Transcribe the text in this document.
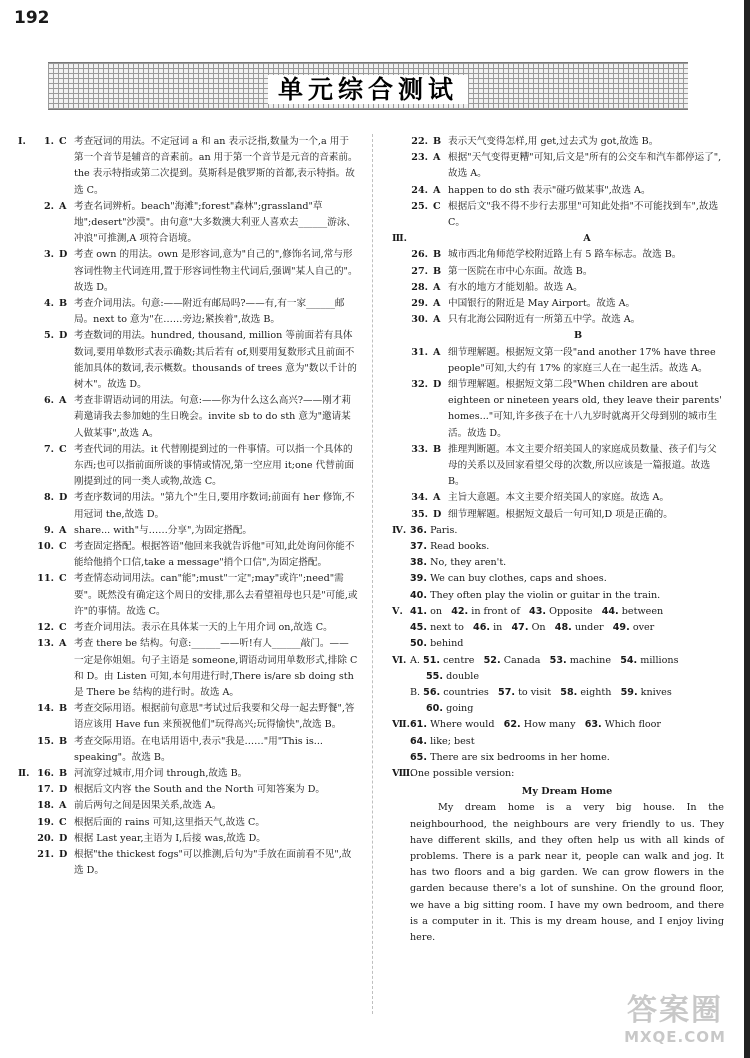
192
单元综合测试
Ⅰ.	1. C 考查冠词的用法。不定冠词 a 和 an 表示泛指,数量为一个,a 用于第一个音节是辅音的音素前。an 用于第一个音节是元音的音素前。the 表示特指或第二次提到。莫斯科是俄罗斯的首都,表示特指。故选 C。
2. A 考查名词辨析。beach"海滩";forest"森林";grassland"草地";desert"沙漠"。由句意"大多数澳大利亚人喜欢去______游泳、冲浪"可推测,A 项符合语境。
3. D 考查 own 的用法。own 是形容词,意为"自己的",修饰名词,常与形容词性物主代词连用,置于形容词性物主代词后,强调"某人自己的"。故选 D。
4. B 考查介词用法。句意:——附近有邮局吗?——有,有一家______邮局。next to 意为"在……旁边;紧挨着",故选 B。
5. D 考查数词的用法。hundred, thousand, million 等前面若有具体数词,要用单数形式表示确数;其后若有 of,则要用复数形式且前面不能加具体的数词,表示概数。thousands of trees 意为"数以千计的树木"。故选 D。
6. A 考查非谓语动词的用法。句意:——你为什么这么高兴?——刚才莉莉邀请我去参加她的生日晚会。invite sb to do sth 意为"邀请某人做某事",故选 A。
7. C 考查代词的用法。it 代替刚提到过的一件事情。可以指一个具体的东西;也可以指前面所谈的事情或情况,第一空应用 it;one 代替前面刚提到过的同一类人或物,故选 C。
8. D 考查序数词的用法。"第九个"生日,要用序数词;前面有 her 修饰,不用冠词 the,故选 D。
9. A share... with"与……分享",为固定搭配。
10. C 考查固定搭配。根据答语"他回来我就告诉他"可知,此处询问你能不能给他捎个口信,take a message"捎个口信",为固定搭配。
11. C 考查情态动词用法。can"能";must"一定";may"或许";need"需要"。既然没有确定这个周日的安排,那么去看望祖母也只是"可能,或许"的事情。故选 C。
12. C 考查介词用法。表示在具体某一天的上午用介词 on,故选 C。
13. A 考查 there be 结构。句意:______——听!有人______敲门。——一定是你姐姐。句子主语是 someone,谓语动词用单数形式,排除 C 和 D。由 Listen 可知,本句用进行时,There is/are sb doing sth 是 There be 结构的进行时。故选 A。
14. B 考查交际用语。根据前句意思"考试过后我要和父母一起去野餐",答语应该用 Have fun 来预祝他们"玩得高兴;玩得愉快",故选 B。
15. B 考查交际用语。在电话用语中,表示"我是……"用"This is... speaking"。故选 B。
Ⅱ. 16. B 河流穿过城市,用介词 through,故选 B。
17. D 根据后文内容 the South and the North 可知答案为 D。
18. A 前后两句之间是因果关系,故选 A。
19. C 根据后面的 rains 可知,这里指天气,故选 C。
20. D 根据 Last year,主语为 I,后接 was,故选 D。
21. D 根据"the thickest fogs"可以推测,后句为"手放在面前看不见",故选 D。
22. B 表示天气变得怎样,用 get,过去式为 got,故选 B。
23. A 根据"天气变得更糟"可知,后文是"所有的公交车和汽车都停运了",故选 A。
24. A happen to do sth 表示"碰巧做某事",故选 A。
25. C 根据后文"我不得不步行去那里"可知此处指"不可能找到车",故选 C。
Ⅲ.	A
26. B 城市西北角师范学校附近路上有 5 路车标志。故选 B。
27. B 第一医院在市中心东面。故选 B。
28. A 有水的地方才能划船。故选 A。
29. A 中国银行的附近是 May Airport。故选 A。
30. A 只有北海公园附近有一所第五中学。故选 A。
B
31. A 细节理解题。根据短文第一段"and another 17% have three people"可知,大约有 17% 的家庭三人在一起生活。故选 A。
32. D 细节理解题。根据短文第二段"When children are about eighteen or nineteen years old, they leave their parents' homes..."可知,许多孩子在十八九岁时就离开父母到别的城市生活。故选 D。
33. B 推理判断题。本文主要介绍美国人的家庭成员数量、孩子们与父母的关系以及回家看望父母的次数,所以应该是一篇报道。故选 B。
34. A 主旨大意题。本文主要介绍美国人的家庭。故选 A。
35. D 细节理解题。根据短文最后一句可知,D 项是正确的。
Ⅳ. 36. Paris.
37. Read books.
38. No, they aren't.
39. We can buy clothes, caps and shoes.
40. They often play the violin or guitar in the train.
Ⅴ. 41. on 42. in front of 43. Opposite 44. between
45. next to 46. in 47. On 48. under 49. over
50. behind
Ⅵ. A. 51. centre 52. Canada 53. machine 54. millions
55. double
B. 56. countries 57. to visit 58. eighth 59. knives
60. going
Ⅶ. 61. Where would 62. How many 63. Which floor
64. like; best
65. There are six bedrooms in her home.
Ⅷ.
One possible version:
My Dream Home
My dream home is a very big house. In the neighbourhood, the neighbours are very friendly to us. They have different skills, and they often help us with all kinds of problems. There is a park near it, people can walk and jog. It has two floors and a big garden. We can grow flowers in the garden because there's a lot of sunshine. On the ground floor, we have a big sitting room. I have my own bedroom, and there is a computer in it. This is my dream house, and I enjoy living here.
答案圈
MXQE.COM
